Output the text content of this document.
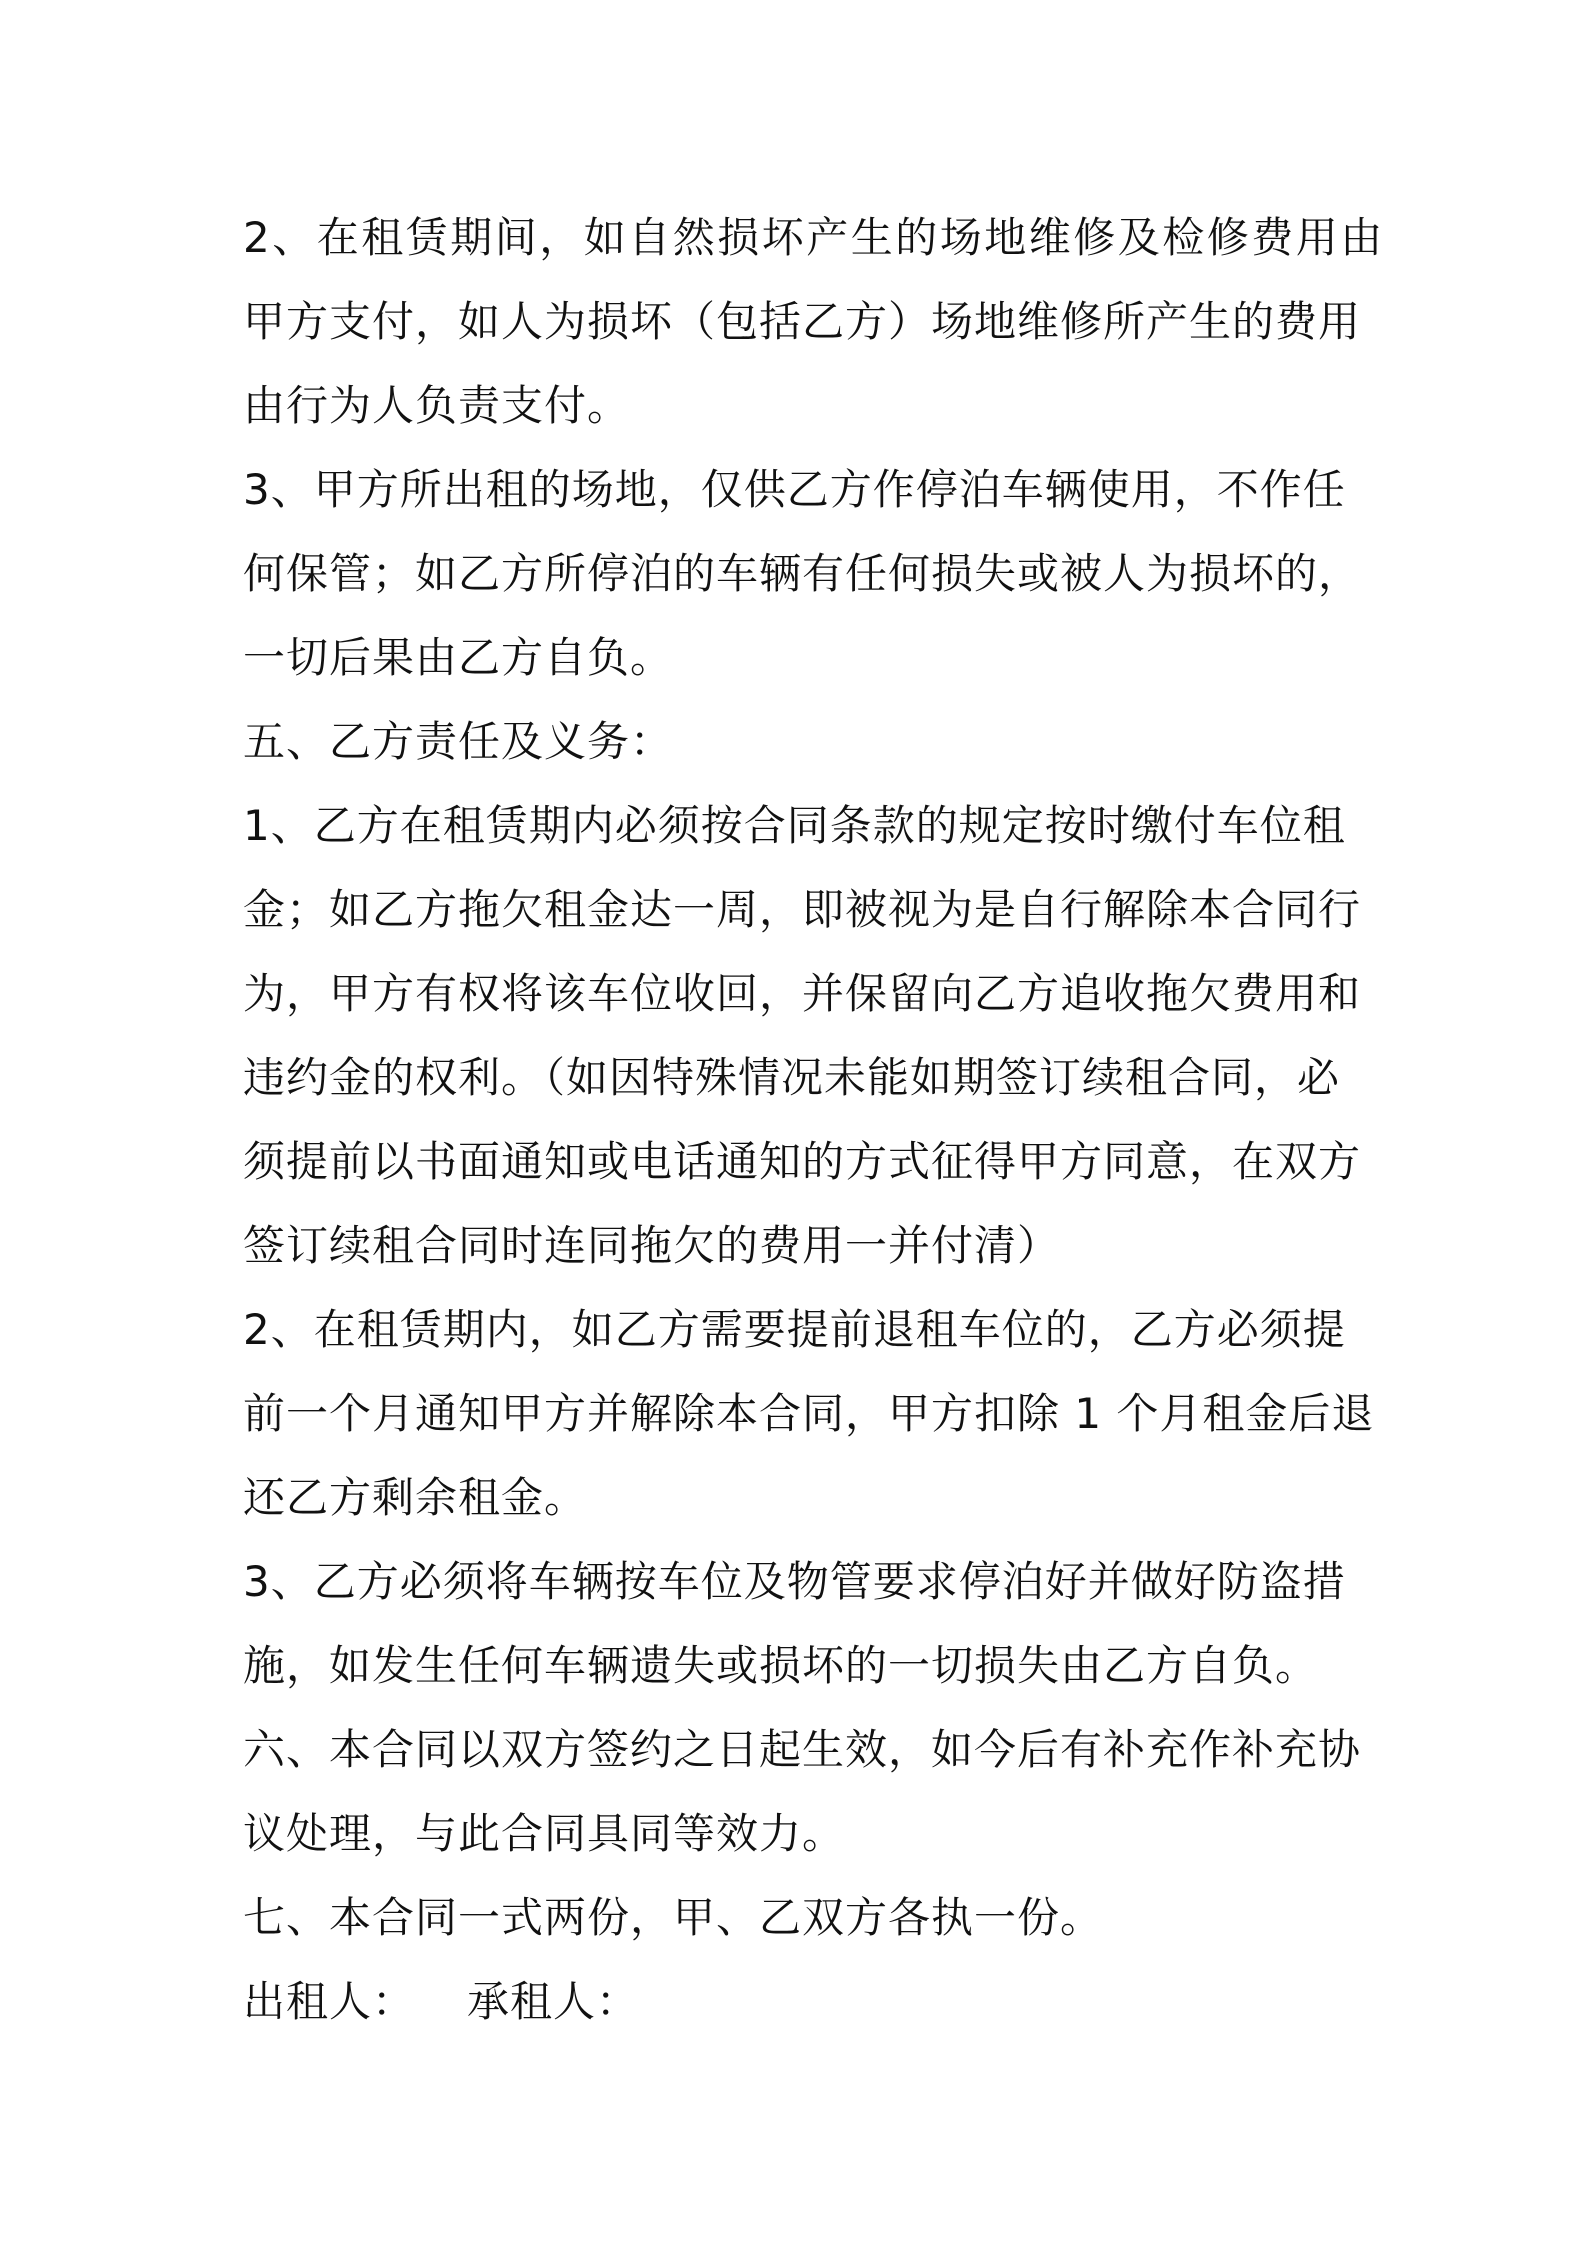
2、在租赁期间，如自然损坏产生的场地维修及检修费用由
甲方支付，如人为损坏（包括乙方）场地维修所产生的费用
由行为人负责支付。
3、甲方所出租的场地，仅供乙方作停泊车辆使用，不作任
何保管；如乙方所停泊的车辆有任何损失或被人为损坏的，
一切后果由乙方自负。
五、乙方责任及义务：
1、乙方在租赁期内必须按合同条款的规定按时缴付车位租
金；如乙方拖欠租金达一周，即被视为是自行解除本合同行
为，甲方有权将该车位收回，并保留向乙方追收拖欠费用和
违约金的权利。（如因特殊情况未能如期签订续租合同，必
须提前以书面通知或电话通知的方式征得甲方同意，在双方
签订续租合同时连同拖欠的费用一并付清）
2、在租赁期内，如乙方需要提前退租车位的，乙方必须提
前一个月通知甲方并解除本合同，甲方扣除 1 个月租金后退
还乙方剩余租金。
3、乙方必须将车辆按车位及物管要求停泊好并做好防盗措
施，如发生任何车辆遗失或损坏的一切损失由乙方自负。
六、本合同以双方签约之日起生效，如今后有补充作补充协
议处理，与此合同具同等效力。
七、本合同一式两份，甲、乙双方各执一份。
出租人： 承租人：
